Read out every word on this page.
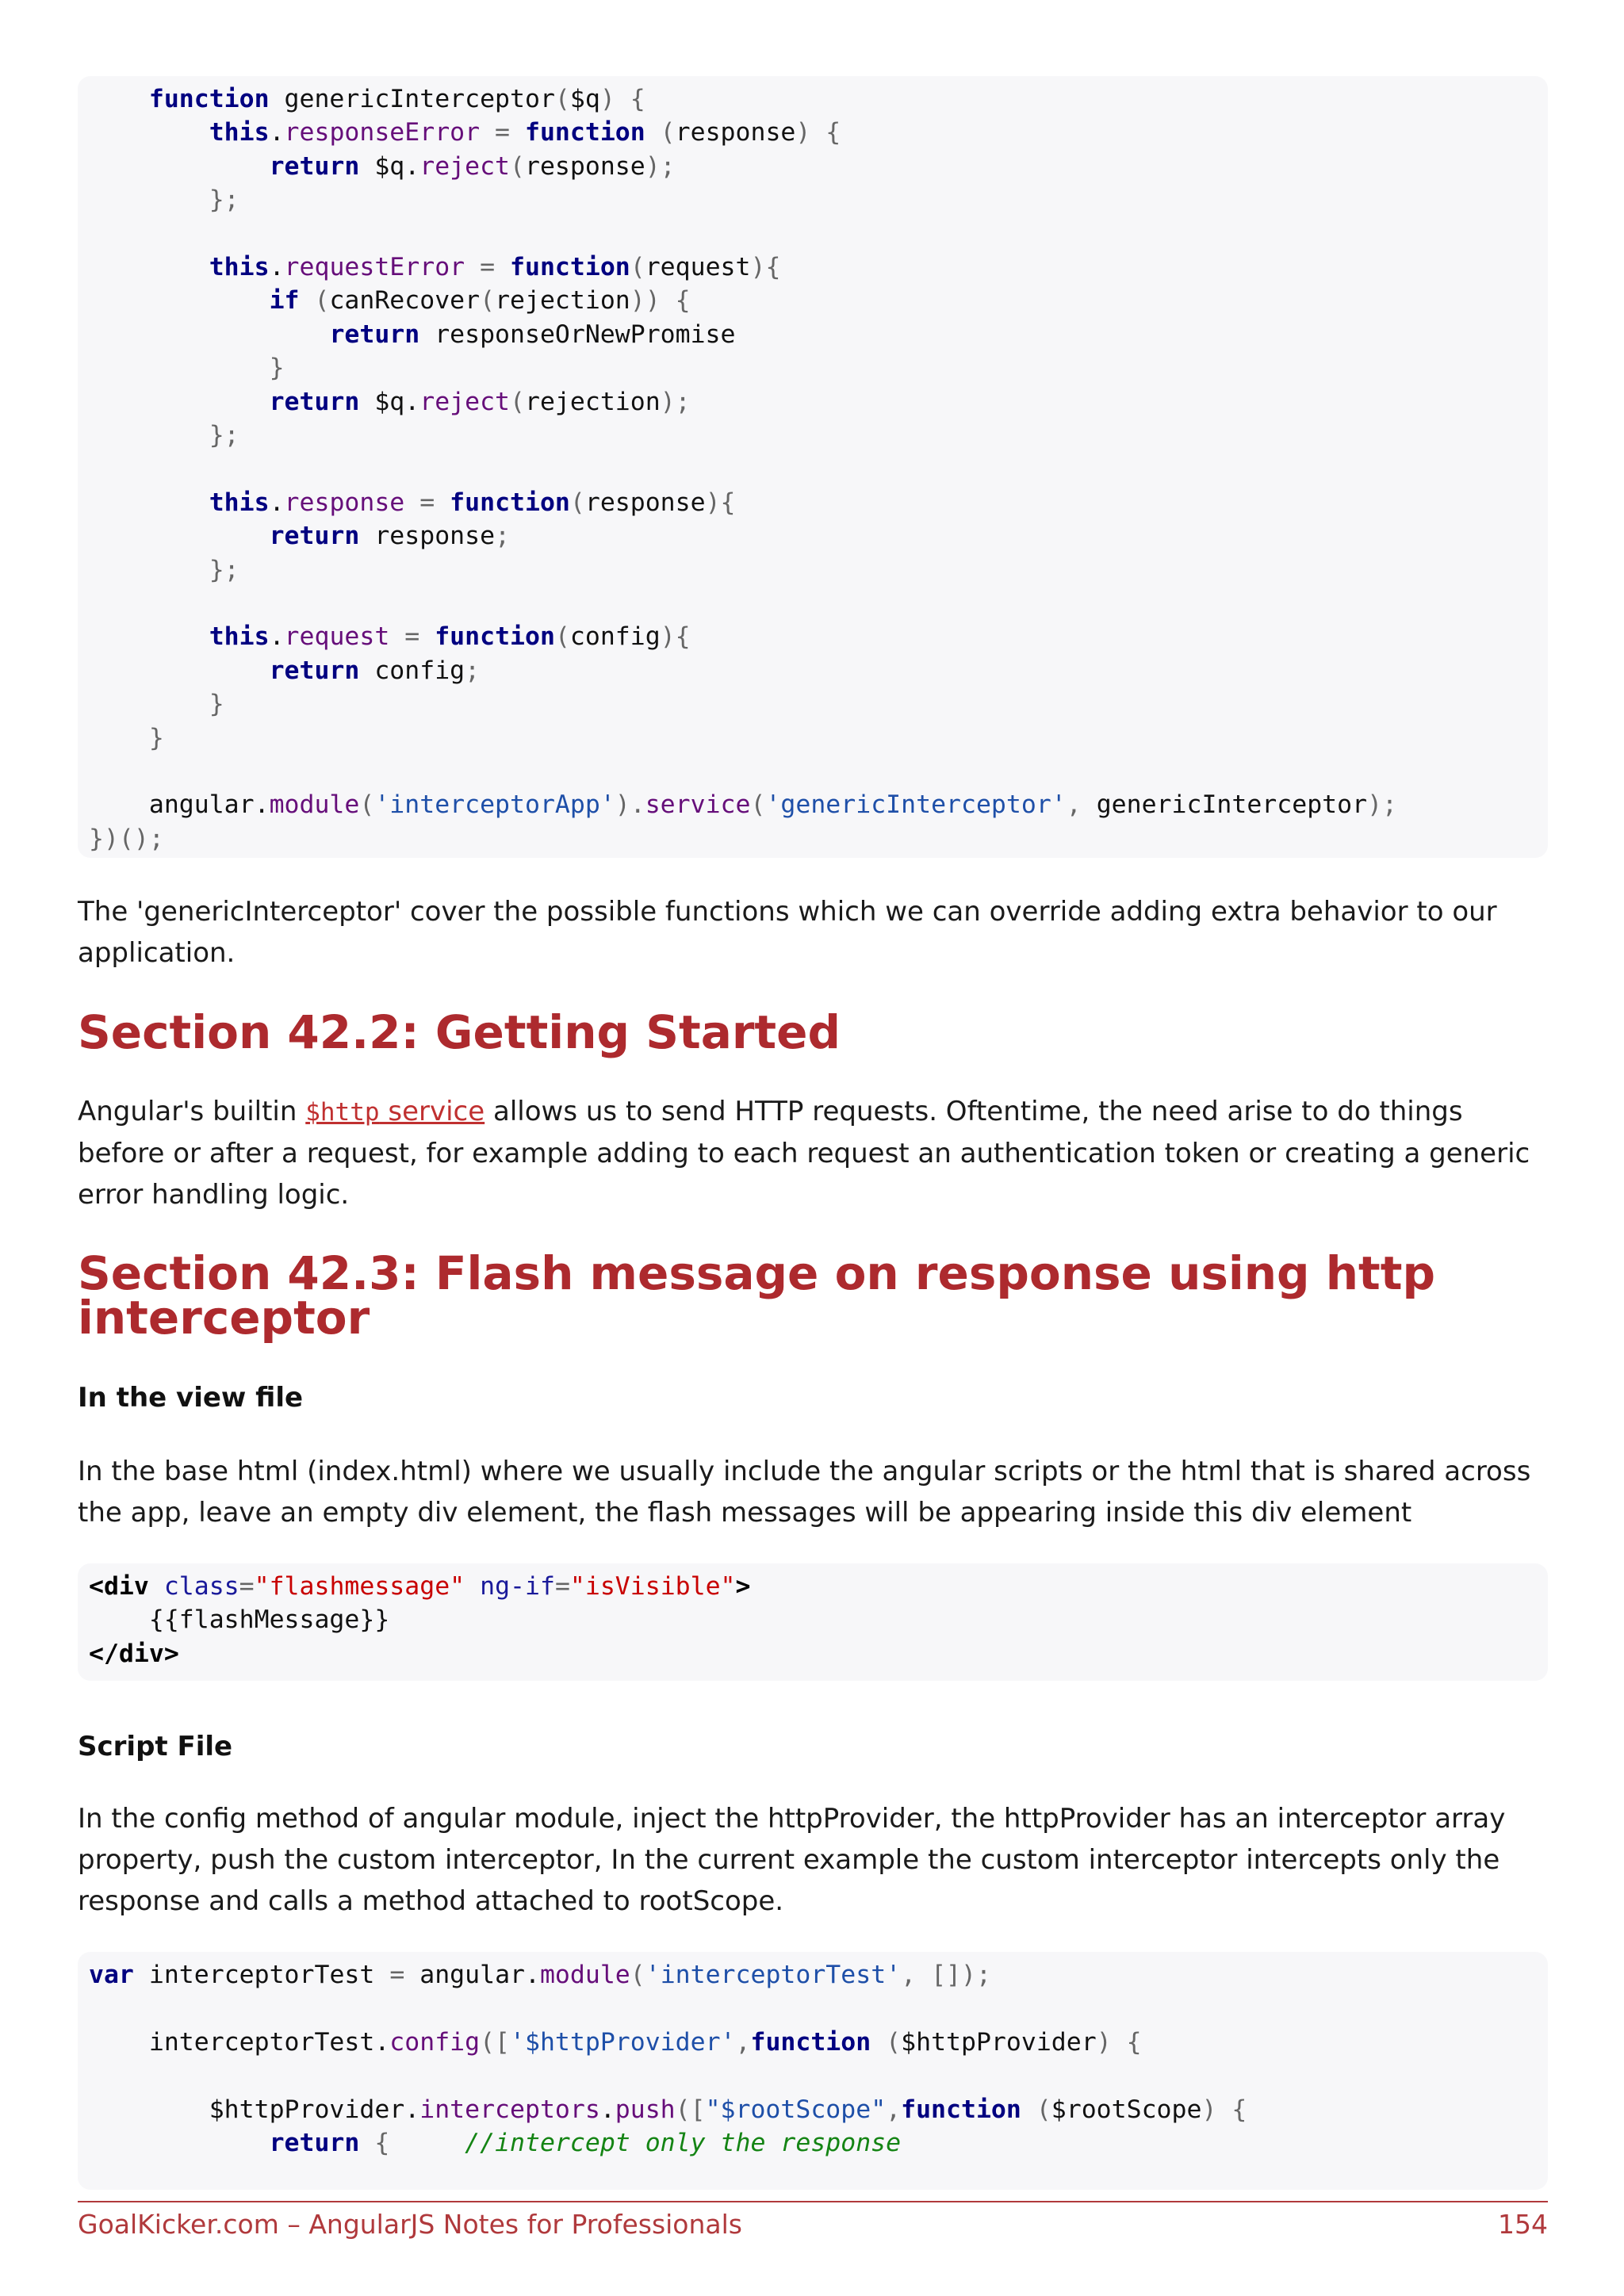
function genericInterceptor($q) {
this.responseError = function (response) {
return $q.reject(response);
};
this.requestError = function(request){
if (canRecover(rejection)) {
return responseOrNewPromise
}
return $q.reject(rejection);
};
this.response = function(response){
return response;
};
this.request = function(config){
return config;
}
}
angular.module('interceptorApp').service('genericInterceptor', genericInterceptor);
})();
The 'genericInterceptor' cover the possible functions which we can override adding extra behavior to our application.
Section 42.2: Getting Started
Angular's builtin $http service allows us to send HTTP requests. Oftentime, the need arise to do things before or after a request, for example adding to each request an authentication token or creating a generic error handling logic.
Section 42.3: Flash message on response using http interceptor
In the view file
In the base html (index.html) where we usually include the angular scripts or the html that is shared across the app, leave an empty div element, the flash messages will be appearing inside this div element
<div class="flashmessage" ng-if="isVisible">
{{flashMessage}}
</div>
Script File
In the config method of angular module, inject the httpProvider, the httpProvider has an interceptor array property, push the custom interceptor, In the current example the custom interceptor intercepts only the response and calls a method attached to rootScope.
var interceptorTest = angular.module('interceptorTest', []);
interceptorTest.config(['$httpProvider',function ($httpProvider) {
$httpProvider.interceptors.push(["$rootScope",function ($rootScope) {
return {	//intercept only the response
GoalKicker.com – AngularJS Notes for Professionals	154
